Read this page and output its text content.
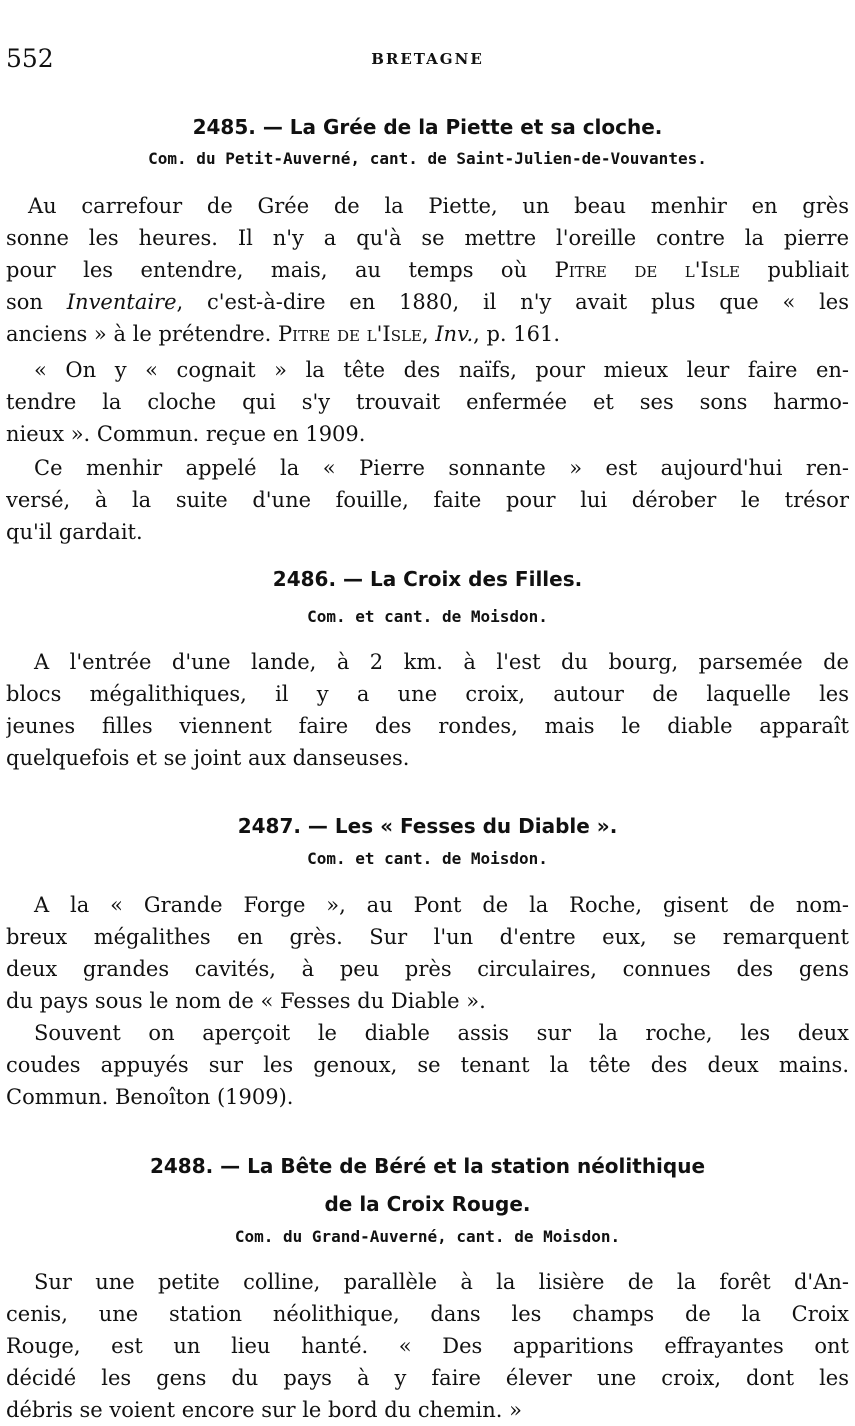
552	BRETAGNE
2485. — La Grée de la Piette et sa cloche.
Com. du Petit-Auverné, cant. de Saint-Julien-de-Vouvantes.
Au carrefour de Grée de la Piette, un beau menhir en grès
sonne les heures. Il n'y a qu'à se mettre l'oreille contre la pierre
pour les entendre, mais, au temps où Pitre de l'Isle publiait
son Inventaire, c'est-à-dire en 1880, il n'y avait plus que « les
anciens » à le prétendre. Pitre de l'Isle, Inv., p. 161.
« On y « cognait » la tête des naïfs, pour mieux leur faire en-
tendre la cloche qui s'y trouvait enfermée et ses sons harmo-
nieux ». Commun. reçue en 1909.
Ce menhir appelé la « Pierre sonnante » est aujourd'hui ren-
versé, à la suite d'une fouille, faite pour lui dérober le trésor
qu'il gardait.
2486. — La Croix des Filles.
Com. et cant. de Moisdon.
A l'entrée d'une lande, à 2 km. à l'est du bourg, parsemée de
blocs mégalithiques, il y a une croix, autour de laquelle les
jeunes filles viennent faire des rondes, mais le diable apparaît
quelquefois et se joint aux danseuses.
2487. — Les « Fesses du Diable ».
Com. et cant. de Moisdon.
A la « Grande Forge », au Pont de la Roche, gisent de nom-
breux mégalithes en grès. Sur l'un d'entre eux, se remarquent
deux grandes cavités, à peu près circulaires, connues des gens
du pays sous le nom de « Fesses du Diable ».
Souvent on aperçoit le diable assis sur la roche, les deux
coudes appuyés sur les genoux, se tenant la tête des deux mains.
Commun. Benoîton (1909).
2488. — La Bête de Béré et la station néolithique
de la Croix Rouge.
Com. du Grand-Auverné, cant. de Moisdon.
Sur une petite colline, parallèle à la lisière de la forêt d'An-
cenis, une station néolithique, dans les champs de la Croix
Rouge, est un lieu hanté. « Des apparitions effrayantes ont
décidé les gens du pays à y faire élever une croix, dont les
débris se voient encore sur le bord du chemin. »
